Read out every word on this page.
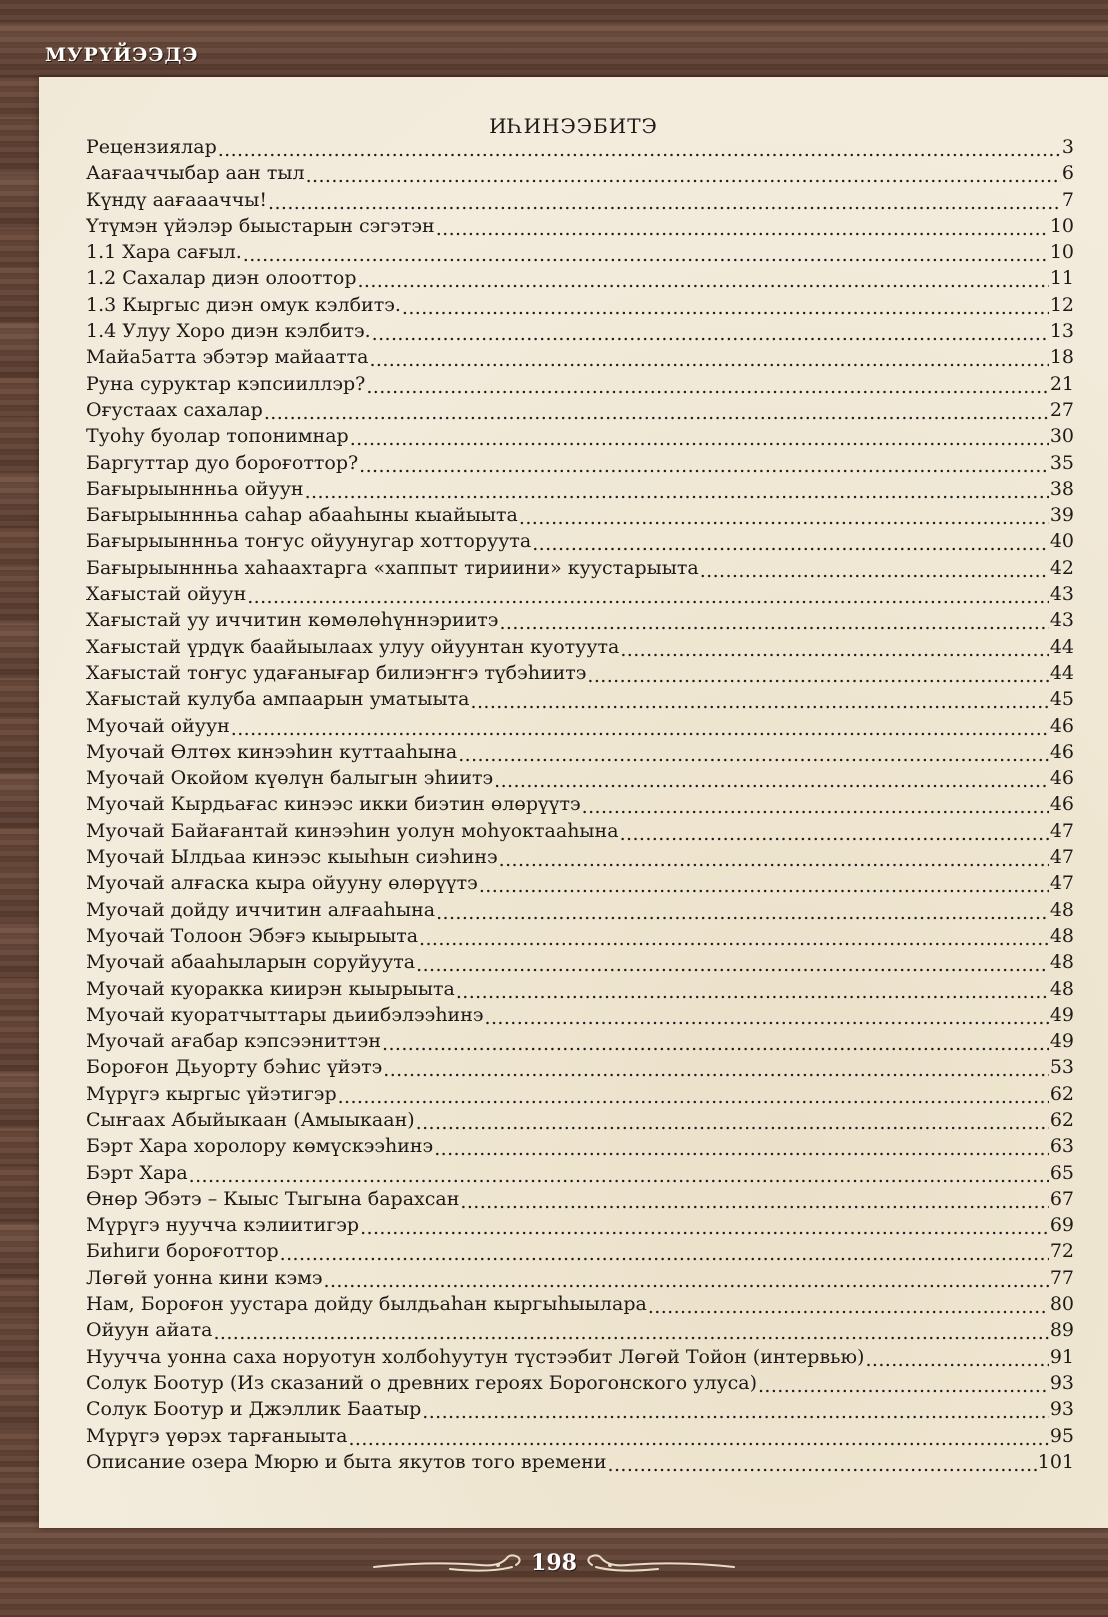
МУРҮЙЭЭДЭ
ИҺИНЭЭБИТЭ
Рецензиялар .....	3
Аағааччыбар аан тыл .....	6
Күндү аағаааччы! .....	7
Үтүмэн үйэлэр быыстарын сэгэтэн .....	10
1.1 Хара сағыл. .....	10
1.2 Сахалар диэн олооттор .....	11
1.3 Кыргыс диэн омук кэлбитэ. .....	12
1.4 Улуу Хоро диэн кэлбитэ. .....	13
Майа5атта эбэтэр майаатта .....	18
Руна суруктар кэпсииллэр? .....	21
Оғустаах сахалар .....	27
Туоһу буолар топонимнар .....	30
Баргуттар дуо бороғоттор? .....	35
Бағырыыннньа ойуун .....	38
Бағырыыннньа саһар абааһыны кыайыыта .....	39
Бағырыыннньа тоҥус ойуунугар хотторуута .....	40
Бағырыыннньа хаһаахтарга «хаппыт тириини» куустарыыта .....	42
Хағыстай ойуун .....	43
Хағыстай уу иччитин көмөлөһүннэриитэ .....	43
Хағыстай үрдүк баайыылаах улуу ойуунтан куотуута .....	44
Хағыстай тоҥус удағанығар билиэҥҥэ түбэһиитэ .....	44
Хағыстай кулуба ампаарын уматыыта .....	45
Муочай ойуун .....	46
Муочай Өлтөх кинээһин куттааһына .....	46
Муочай Окойом күөлүн балыгын эһиитэ .....	46
Муочай Кырдьағас кинээс икки биэтин өлөрүүтэ .....	46
Муочай Байағантай кинээһин уолун моһуоктааһына .....	47
Муочай Ылдьаа кинээс кыыһын сиэһинэ .....	47
Муочай алғаска кыра ойууну өлөрүүтэ .....	47
Муочай дойду иччитин алғааһына .....	48
Муочай Толоон Эбэғэ кыырыыта .....	48
Муочай абааһыларын соруйуута .....	48
Муочай куоракка киирэн кыырыыта .....	48
Муочай куоратчыттары дьиибэлээһинэ .....	49
Муочай ағабар кэпсээниттэн .....	49
Бороғон Дьуорту бэһис үйэтэ .....	53
Мүрүгэ кыргыс үйэтигэр .....	62
Сыҥаах Абыйыкаан (Амыыкаан) .....	62
Бэрт Хара хоролору көмүскээһинэ .....	63
Бэрт Хара .....	65
Өнөр Эбэтэ – Кыыс Тыгына барахсан .....	67
Мүрүгэ нуучча кэлиитигэр .....	69
Биһиги бороғоттор .....	72
Лөгөй уонна кини кэмэ .....	77
Нам, Бороғон уустара дойду былдьаһан кыргыһыылара .....	80
Ойуун айата .....	89
Нуучча уонна саха норуотун холбоһуутун түстээбит Лөгөй Тойон (интервью) .....	91
Солук Боотур (Из сказаний о древних героях Борогонского улуса) .....	93
Солук Боотур и Джэллик Баатыр .....	93
Мүрүгэ үөрэх тарғаныыта .....	95
Описание озера Мюрю и быта якутов того времени .....	101
198
